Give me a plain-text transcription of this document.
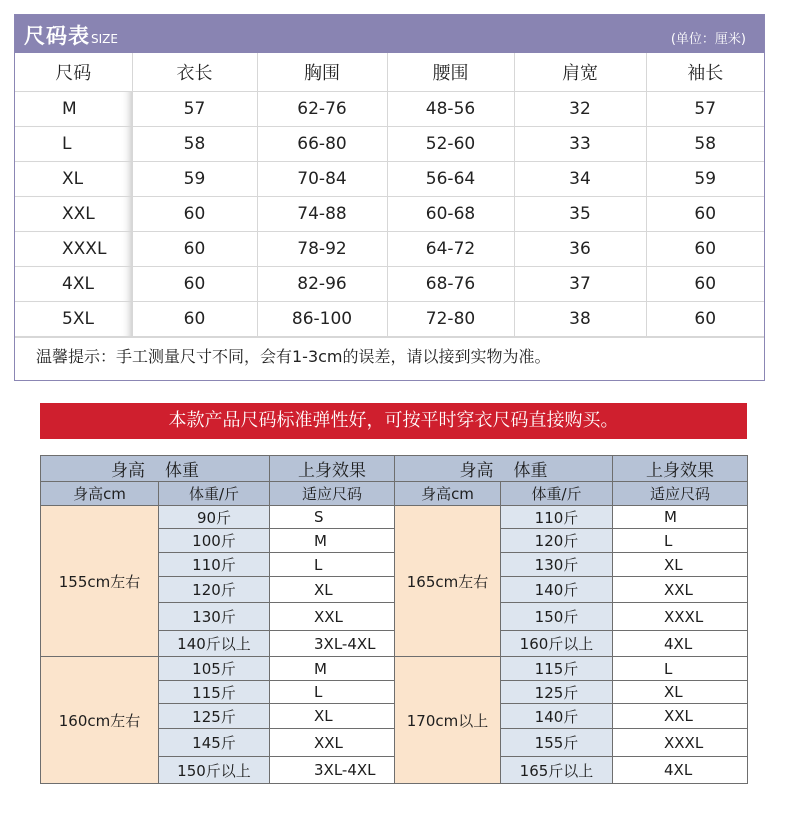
尺码表SIZE	(单位：厘米)
尺码	衣长	胸围	腰围	肩宽	袖长
M	57	62-76	48-56	32	57
L	58	66-80	52-60	33	58
XL	59	70-84	56-64	34	59
XXL	60	74-88	60-68	35	60
XXXL	60	78-92	64-72	36	60
4XL	60	82-96	68-76	37	60
5XL	60	86-100	72-80	38	60
温馨提示：手工测量尺寸不同，会有1-3cm的误差，请以接到实物为准。
本款产品尺码标准弹性好，可按平时穿衣尺码直接购买。
身高 体重		上身效果	身高 体重		上身效果
身高cm	体重/斤	适应尺码	身高cm	体重/斤	适应尺码
155cm左右	90斤	S	165cm左右	110斤	M
	100斤	M		120斤	L
	110斤	L		130斤	XL
	120斤	XL		140斤	XXL
	130斤	XXL		150斤	XXXL
	140斤以上	3XL-4XL		160斤以上	4XL
160cm左右	105斤	M	170cm以上	115斤	L
	115斤	L		125斤	XL
	125斤	XL		140斤	XXL
	145斤	XXL		155斤	XXXL
	150斤以上	3XL-4XL		165斤以上	4XL
